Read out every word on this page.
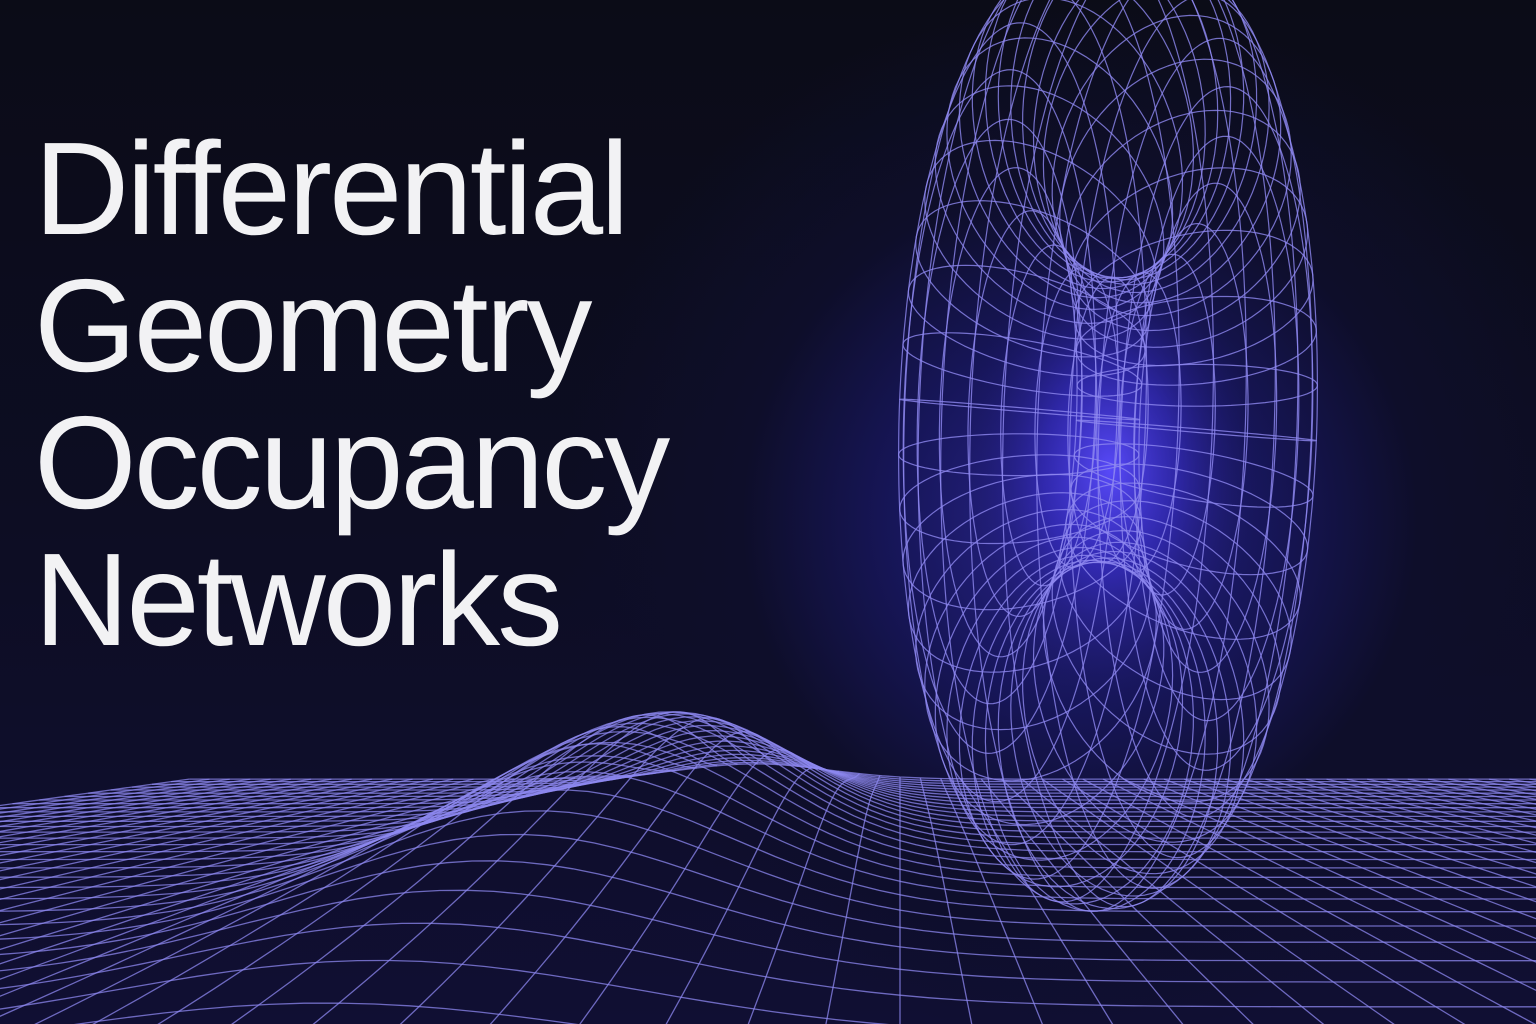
Differential
Geometry
Occupancy
Networks
